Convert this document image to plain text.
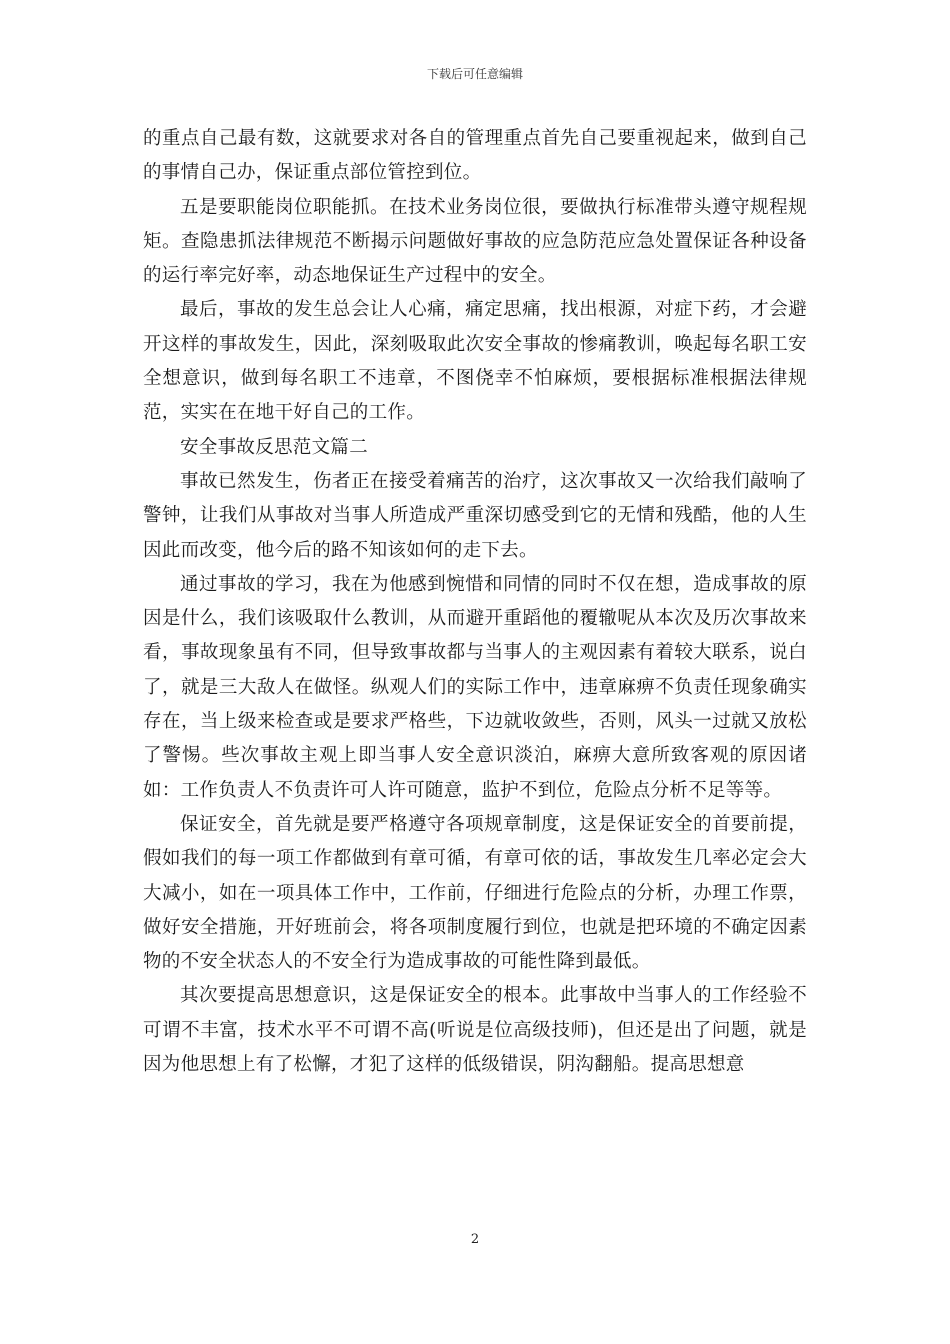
下载后可任意编辑

的重点自己最有数，这就要求对各自的管理重点首先自己要重视起来，做到自己的事情自己办，保证重点部位管控到位。

五是要职能岗位职能抓。在技术业务岗位很，要做执行标准带头遵守规程规矩。查隐患抓法律规范不断揭示问题做好事故的应急防范应急处置保证各种设备的运行率完好率，动态地保证生产过程中的安全。

最后，事故的发生总会让人心痛，痛定思痛，找出根源，对症下药，才会避开这样的事故发生，因此，深刻吸取此次安全事故的惨痛教训，唤起每名职工安全想意识，做到每名职工不违章，不图侥幸不怕麻烦，要根据标准根据法律规范，实实在在地干好自己的工作。

安全事故反思范文篇二

事故已然发生，伤者正在接受着痛苦的治疗，这次事故又一次给我们敲响了警钟，让我们从事故对当事人所造成严重深切感受到它的无情和残酷，他的人生因此而改变，他今后的路不知该如何的走下去。

通过事故的学习，我在为他感到惋惜和同情的同时不仅在想，造成事故的原因是什么，我们该吸取什么教训，从而避开重蹈他的覆辙呢从本次及历次事故来看，事故现象虽有不同，但导致事故都与当事人的主观因素有着较大联系，说白了，就是三大敌人在做怪。纵观人们的实际工作中，违章麻痹不负责任现象确实存在，当上级来检查或是要求严格些，下边就收敛些，否则，风头一过就又放松了警惕。些次事故主观上即当事人安全意识淡泊，麻痹大意所致客观的原因诸如：工作负责人不负责许可人许可随意，监护不到位，危险点分析不足等等。

保证安全，首先就是要严格遵守各项规章制度，这是保证安全的首要前提，假如我们的每一项工作都做到有章可循，有章可依的话，事故发生几率必定会大大减小，如在一项具体工作中，工作前，仔细进行危险点的分析，办理工作票，做好安全措施，开好班前会，将各项制度履行到位，也就是把环境的不确定因素物的不安全状态人的不安全行为造成事故的可能性降到最低。

其次要提高思想意识，这是保证安全的根本。此事故中当事人的工作经验不可谓不丰富，技术水平不可谓不高(听说是位高级技师)，但还是出了问题，就是因为他思想上有了松懈，才犯了这样的低级错误，阴沟翻船。提高思想意

2
